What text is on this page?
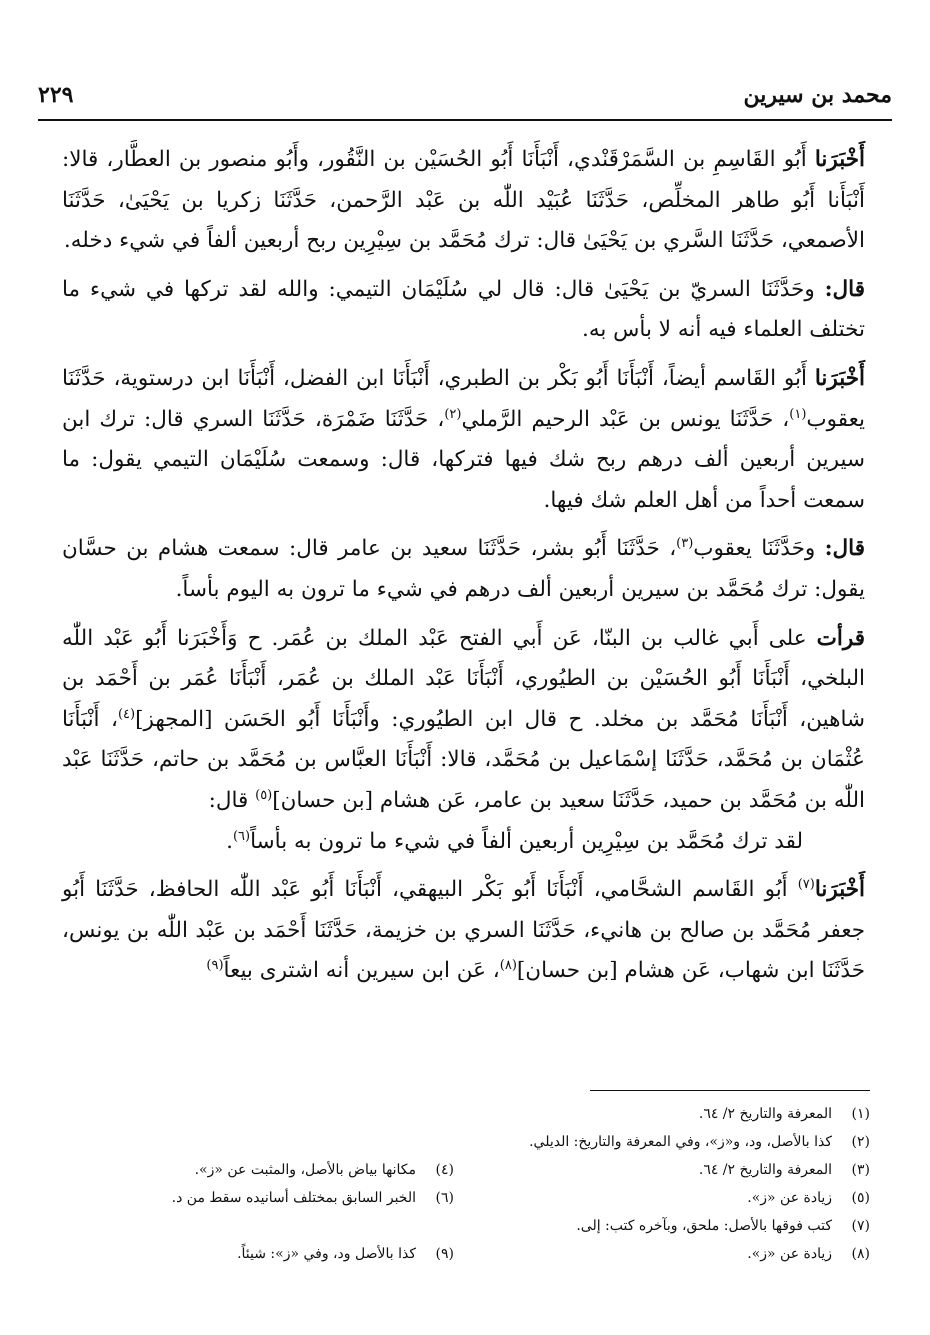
محمد بن سيرين
٢٢٩

أَخْبَرَنا أَبُو القَاسِمِ بن السَّمَرْقَنْدي، أَنْبَأَنَا أَبُو الحُسَيْن بن النَّقُور، وأَبُو منصور بن العطَّار، قالا: أَنْبَأَنا أَبُو طاهر المخلِّص، حَدَّثَنَا عُبَيْد اللّٰه بن عَبْد الرَّحمن، حَدَّثَنَا زكريا بن يَحْيَىٰ، حَدَّثَنَا الأصمعي، حَدَّثَنَا السَّري بن يَحْيَىٰ قال: ترك مُحَمَّد بن سِيْرِين ربح أربعين ألفاً في شيء دخله.

قال: وحَدَّثَنَا السريّ بن يَحْيَىٰ قال: قال لي سُلَيْمَان التيمي: والله لقد تركها في شيء ما تختلف العلماء فيه أنه لا بأس به.

أَخْبَرَنا أَبُو القَاسم أيضاً، أَنْبَأَنَا أَبُو بَكْر بن الطبري، أَنْبَأَنَا ابن الفضل، أَنْبَأَنَا ابن درستوية، حَدَّثَنَا يعقوب$^{(١)}$، حَدَّثَنَا يونس بن عَبْد الرحيم الرَّملي$^{(٢)}$، حَدَّثَنَا ضَمْرَة، حَدَّثَنَا السري قال: ترك ابن سيرين أربعين ألف درهم ربح شك فيها فتركها، قال: وسمعت سُلَيْمَان التيمي يقول: ما سمعت أحداً من أهل العلم شك فيها.

قال: وحَدَّثَنَا يعقوب$^{(٣)}$، حَدَّثَنَا أَبُو بشر، حَدَّثَنَا سعيد بن عامر قال: سمعت هشام بن حسَّان يقول: ترك مُحَمَّد بن سيرين أربعين ألف درهم في شيء ما ترون به اليوم بأساً.

قرأت على أَبي غالب بن البنّا، عَن أَبي الفتح عَبْد الملك بن عُمَر. ح وَأَخْبَرَنا أَبُو عَبْد اللّٰه البلخي، أَنْبَأَنَا أَبُو الحُسَيْن بن الطيُوري، أَنْبَأَنَا عَبْد الملك بن عُمَر، أَنْبَأَنَا عُمَر بن أَحْمَد بن شاهين، أَنْبَأَنَا مُحَمَّد بن مخلد. ح قال ابن الطيُوري: وأَنْبَأَنَا أَبُو الحَسَن [المجهز]$^{(٤)}$، أَنْبَأَنَا عُثْمَان بن مُحَمَّد، حَدَّثَنَا إسْمَاعيل بن مُحَمَّد، قالا: أَنْبَأَنَا العبَّاس بن مُحَمَّد بن حاتم، حَدَّثَنَا عَبْد اللّٰه بن مُحَمَّد بن حميد، حَدَّثَنَا سعيد بن عامر، عَن هشام [بن حسان]$^{(٥)}$ قال:

لقد ترك مُحَمَّد بن سِيْرِين أربعين ألفاً في شيء ما ترون به بأساً$^{(٦)}$.

أَخْبَرَنا$^{(٧)}$ أَبُو القَاسم الشحَّامي، أَنْبَأَنَا أَبُو بَكْر البيهقي، أَنْبَأَنَا أَبُو عَبْد اللّٰه الحافظ، حَدَّثَنَا أَبُو جعفر مُحَمَّد بن صالح بن هانيء، حَدَّثَنَا السري بن خزيمة، حَدَّثَنَا أَحْمَد بن عَبْد اللّٰه بن يونس، حَدَّثَنَا ابن شهاب، عَن هشام [بن حسان]$^{(٨)}$، عَن ابن سيرين أنه اشترى بيعاً$^{(٩)}$

(١)
المعرفة والتاريخ ٢/ ٦٤.
(٢)
كذا بالأصل، ود، و«ز»، وفي المعرفة والتاريخ: الديلي.
(٣)
المعرفة والتاريخ ٢/ ٦٤.
(٤)
مكانها بياض بالأصل، والمثبت عن «ز».
(٥)
زيادة عن «ز».
(٦)
الخبر السابق بمختلف أسانيده سقط من د.
(٧)
كتب فوقها بالأصل: ملحق، وبآخره كتب: إلى.
(٨)
زيادة عن «ز».
(٩)
كذا بالأصل ود، وفي «ز»: شيئاً.
